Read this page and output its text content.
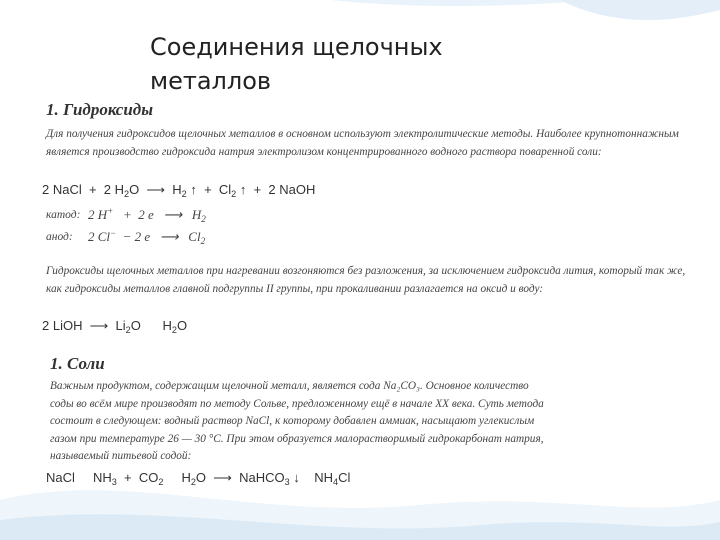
Соединения щелочных
металлов
1. Гидроксиды
Для получения гидроксидов щелочных металлов в основном используют электролитические методы. Наиболее крупнотоннажным является производство гидроксида натрия электролизом концентрированного водного раствора поваренной соли:
2 NaCl  +  2 $H_2O$  ⟶  $H_2$ ↑  +  $Cl_2$ ↑  +  2 NaOH
катод: 2 H+   +  2 e   ⟶   $H_2$
анод: 2 Cl−  − 2 e   ⟶   $Cl_2$
Гидроксиды щелочных металлов при нагревании возгоняются без разложения, за исключением гидроксида лития, который так же, как гидроксиды металлов главной подгруппы II группы, при прокаливании разлагается на оксид и воду:
2 LiOH  ⟶  $Li_2O$      $H_2O$
1. Соли
Важным продуктом, содержащим щелочной металл, является сода Na₂CO₃. Основное количество соды во всём мире производят по методу Сольве, предложенному ещё в начале XX века. Суть метода состоит в следующем: водный раствор NaCl, к которому добавлен аммиак, насыщают углекислым газом при температуре 26 — 30 °C. При этом образуется малорастворимый гидрокарбонат натрия, называемый питьевой содой:
NaCl     $NH_3 + CO_2$     $H_2O$  ⟶  NaHCO$_3$ ↓    $NH_4Cl$
